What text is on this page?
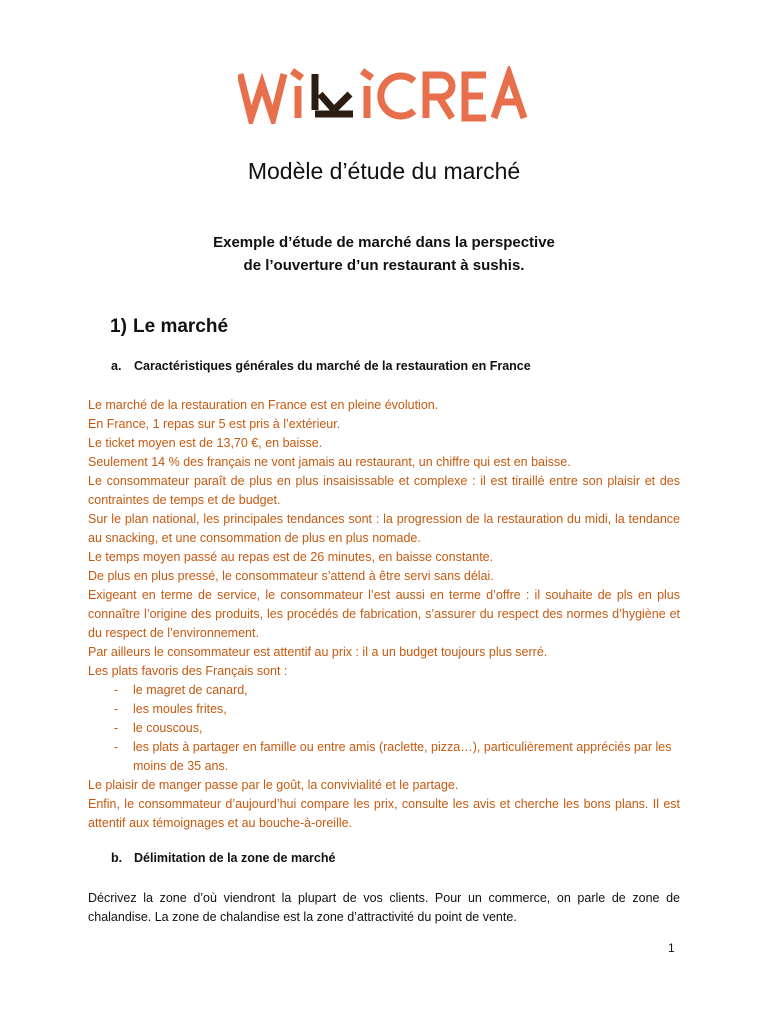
Modèle d’étude du marché
Exemple d’étude de marché dans la perspective
de l’ouverture d’un restaurant à sushis.
1) Le marché
a. Caractéristiques générales du marché de la restauration en France
Le marché de la restauration en France est en pleine évolution.
En France, 1 repas sur 5 est pris à l’extérieur.
Le ticket moyen est de 13,70 €, en baisse.
Seulement 14 % des français ne vont jamais au restaurant, un chiffre qui est en baisse.
Le consommateur paraît de plus en plus insaisissable et complexe : il est tiraillé entre son plaisir et des contraintes de temps et de budget.
Sur le plan national, les principales tendances sont : la progression de la restauration du midi, la tendance au snacking, et une consommation de plus en plus nomade.
Le temps moyen passé au repas est de 26 minutes, en baisse constante.
De plus en plus pressé, le consommateur s’attend à être servi sans délai.
Exigeant en terme de service, le consommateur l’est aussi en terme d’offre : il souhaite de pls en plus connaître l’origine des produits, les procédés de fabrication, s’assurer du respect des normes d’hygiène et du respect de l’environnement.
Par ailleurs le consommateur est attentif au prix : il a un budget toujours plus serré.
Les plats favoris des Français sont :
- le magret de canard,
- les moules frites,
- le couscous,
- les plats à partager en famille ou entre amis (raclette, pizza…), particulièrement appréciés par les moins de 35 ans.
Le plaisir de manger passe par le goût, la convivialité et le partage.
Enfin, le consommateur d’aujourd’hui compare les prix, consulte les avis et cherche les bons plans. Il est attentif aux témoignages et au bouche-à-oreille.
b. Délimitation de la zone de marché
Décrivez la zone d’où viendront la plupart de vos clients. Pour un commerce, on parle de zone de chalandise. La zone de chalandise est la zone d’attractivité du point de vente.
1
